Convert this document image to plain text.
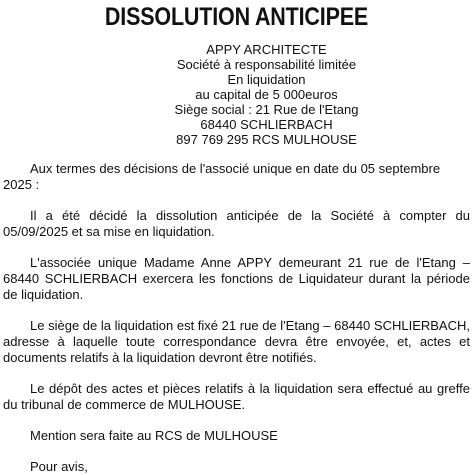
DISSOLUTION ANTICIPEE
APPY ARCHITECTE
Société à responsabilité limitée
En liquidation
au capital de 5 000euros
Siège social : 21 Rue de l'Etang
68440 SCHLIERBACH
897 769 295 RCS MULHOUSE

Aux termes des décisions de l'associé unique en date du 05 septembre 2025 :

Il a été décidé la dissolution anticipée de la Société à compter du 05/09/2025 et sa mise en liquidation.

L'associée unique Madame Anne APPY demeurant 21 rue de l'Etang – 68440 SCHLIERBACH exercera les fonctions de Liquidateur durant la période de liquidation.

Le siège de la liquidation est fixé 21 rue de l'Etang – 68440 SCHLIERBACH, adresse à laquelle toute correspondance devra être envoyée, et, actes et documents relatifs à la liquidation devront être notifiés.

Le dépôt des actes et pièces relatifs à la liquidation sera effectué au greffe du tribunal de commerce de MULHOUSE.

Mention sera faite au RCS de MULHOUSE

Pour avis,
